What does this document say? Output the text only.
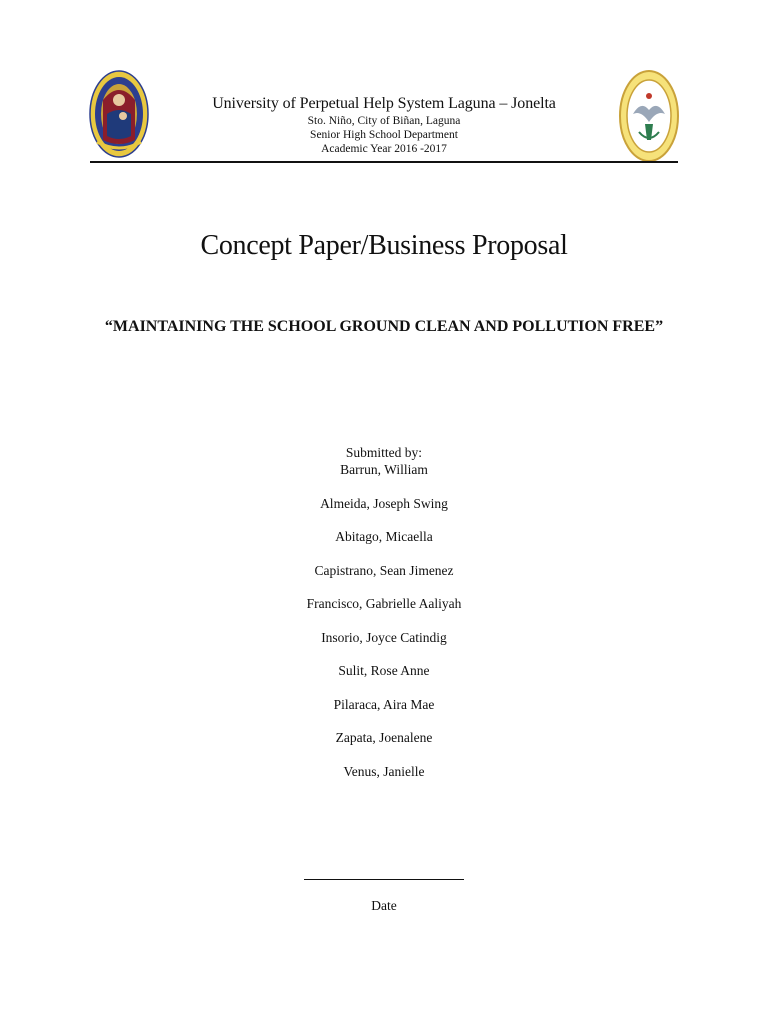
University of Perpetual Help System Laguna – Jonelta
Sto. Niño, City of Biñan, Laguna
Senior High School Department
Academic Year 2016 -2017
Concept Paper/Business Proposal
“MAINTAINING THE SCHOOL GROUND CLEAN AND POLLUTION FREE”
Submitted by:
Barrun, William
Almeida, Joseph Swing
Abitago, Micaella
Capistrano, Sean Jimenez
Francisco, Gabrielle Aaliyah
Insorio, Joyce Catindig
Sulit, Rose Anne
Pilaraca, Aira Mae
Zapata, Joenalene
Venus, Janielle
Date
